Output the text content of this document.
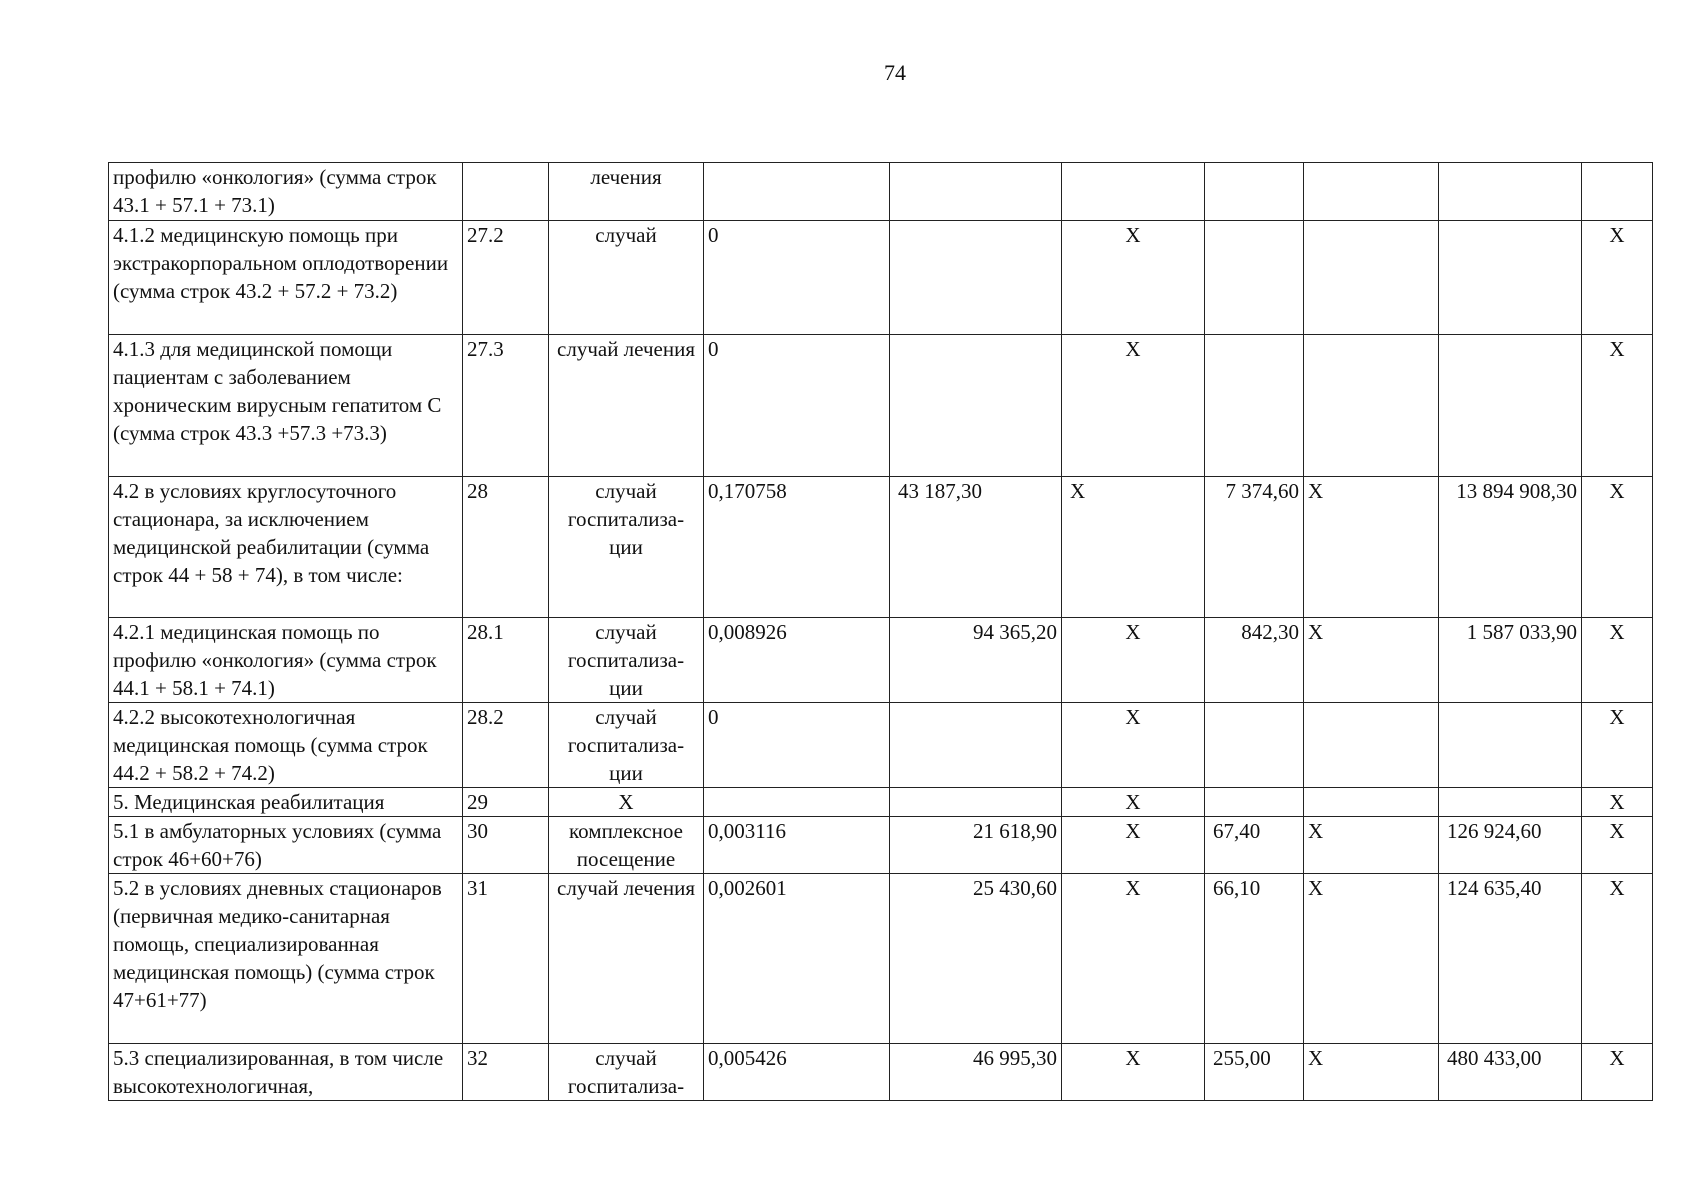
74
профилю «онкология» (сумма строк 43.1 + 57.1 + 73.1)		лечения							
4.1.2 медицинскую помощь при экстракорпоральном оплодотворении (сумма строк 43.2 + 57.2 + 73.2)	27.2	случай	0		Х				Х
4.1.3 для медицинской помощи пациентам с заболеванием хроническим вирусным гепатитом С (сумма строк 43.3 +57.3 +73.3)	27.3	случай лечения	0		Х				Х
4.2 в условиях круглосуточного стационара, за исключением медицинской реабилитации (сумма строк 44 + 58 + 74), в том числе:	28	случай госпитализа-ции	0,170758	43 187,30	Х	7 374,60	Х	13 894 908,30	Х
4.2.1 медицинская помощь по профилю «онкология» (сумма строк 44.1 + 58.1 + 74.1)	28.1	случай госпитализа-ции	0,008926	94 365,20	Х	842,30	Х	1 587 033,90	Х
4.2.2 высокотехнологичная медицинская помощь (сумма строк 44.2 + 58.2 + 74.2)	28.2	случай госпитализа-ции	0		Х				Х
5. Медицинская реабилитация	29	Х			Х				Х
5.1 в амбулаторных условиях (сумма строк 46+60+76)	30	комплексное посещение	0,003116	21 618,90	Х	67,40	Х	126 924,60	Х
5.2 в условиях дневных стационаров (первичная медико-санитарная помощь, специализированная медицинская помощь) (сумма строк 47+61+77)	31	случай лечения	0,002601	25 430,60	Х	66,10	Х	124 635,40	Х
5.3 специализированная, в том числе высокотехнологичная,	32	случай госпитализа-	0,005426	46 995,30	Х	255,00	Х	480 433,00	Х
